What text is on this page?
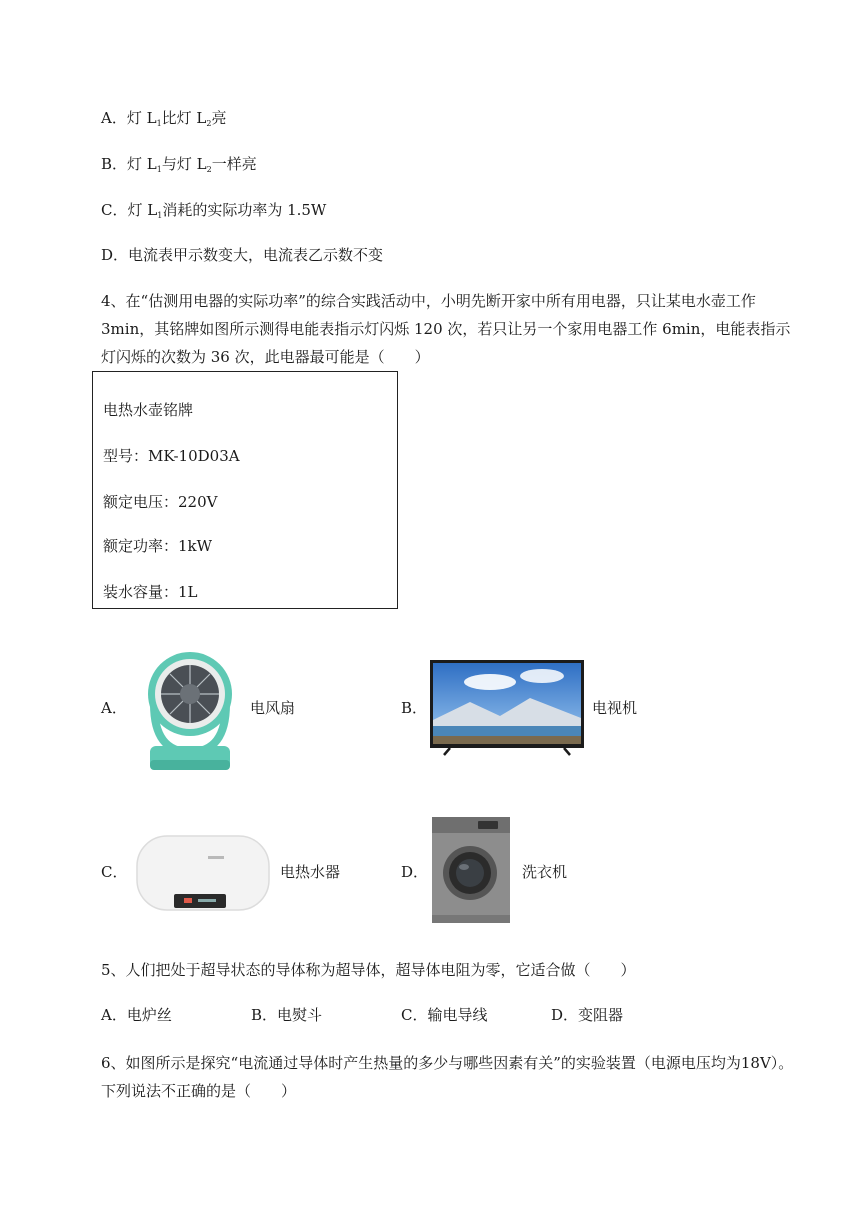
A．灯 $L_1$比灯 $L_2$亮
B．灯 $L_1$与灯 $L_2$一样亮
C．灯 $L_1$消耗的实际功率为 1.5W
D．电流表甲示数变大，电流表乙示数不变
4、在“估测用电器的实际功率”的综合实践活动中，小明先断开家中所有用电器，只让某电水壶工作3min，其铭牌如图所示测得电能表指示灯闪烁 120 次，若只让另一个家用电器工作 6min，电能表指示灯闪烁的次数为 36 次，此电器最可能是（　　）
电热水壶铭牌
型号：MK-10D03A
额定电压：220V
额定功率：1kW
装水容量：1L
A．	电风扇	B．	电视机
C．	电热水器	D．	洗衣机
5、人们把处于超导状态的导体称为超导体，超导体电阻为零，它适合做（　　）
A．电炉丝	B．电熨斗	C．输电导线	D．变阻器
6、如图所示是探究“电流通过导体时产生热量的多少与哪些因素有关”的实验装置（电源电压均为18V）。下列说法不正确的是（　　）
